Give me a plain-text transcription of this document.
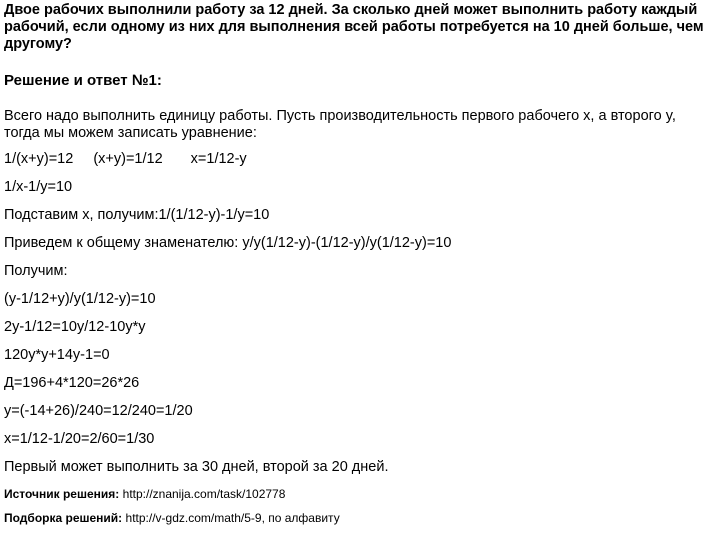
Двое рабочих выполнили работу за 12 дней. За сколько дней может выполнить работу каждый рабочий, если одному из них для выполнения всей работы потребуется на 10 дней больше, чем другому?

Решение и ответ №1:

Всего надо выполнить единицу работы. Пусть производительность первого рабочего x, а второго y, тогда мы можем записать уравнение:

1/(x+y)=12 (x+y)=1/12 x=1/12-y

1/x-1/y=10

Подставим x, получим:1/(1/12-y)-1/y=10

Приведем к общему знаменателю: y/y(1/12-y)-(1/12-y)/y(1/12-y)=10

Получим:

(y-1/12+y)/y(1/12-y)=10

2y-1/12=10y/12-10y*y

120y*y+14y-1=0

Д=196+4*120=26*26

y=(-14+26)/240=12/240=1/20

x=1/12-1/20=2/60=1/30

Первый может выполнить за 30 дней, второй за 20 дней.

Источник решения: http://znanija.com/task/102778

Подборка решений: http://v-gdz.com/math/5-9, по алфавиту
